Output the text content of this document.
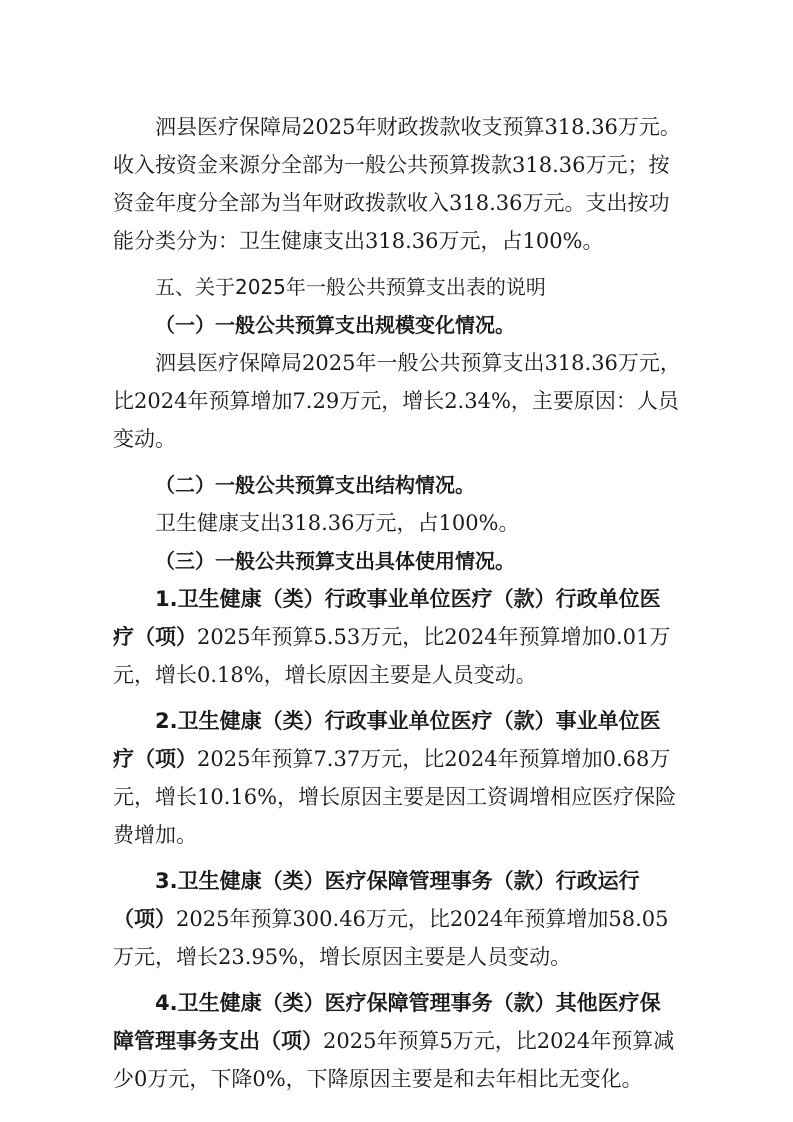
泗县医疗保障局2025年财政拨款收支预算318.36万元。收入按资金来源分全部为一般公共预算拨款318.36万元；按资金年度分全部为当年财政拨款收入318.36万元。支出按功能分类分为：卫生健康支出318.36万元，占100%。

五、关于2025年一般公共预算支出表的说明

（一）一般公共预算支出规模变化情况。

泗县医疗保障局2025年一般公共预算支出318.36万元，比2024年预算增加7.29万元，增长2.34%，主要原因：人员变动。

（二）一般公共预算支出结构情况。

卫生健康支出318.36万元，占100%。

（三）一般公共预算支出具体使用情况。

1.卫生健康（类）行政事业单位医疗（款）行政单位医疗（项）2025年预算5.53万元，比2024年预算增加0.01万元，增长0.18%，增长原因主要是人员变动。

2.卫生健康（类）行政事业单位医疗（款）事业单位医疗（项）2025年预算7.37万元，比2024年预算增加0.68万元，增长10.16%，增长原因主要是因工资调增相应医疗保险费增加。

3.卫生健康（类）医疗保障管理事务（款）行政运行（项）2025年预算300.46万元，比2024年预算增加58.05万元，增长23.95%，增长原因主要是人员变动。

4.卫生健康（类）医疗保障管理事务（款）其他医疗保障管理事务支出（项）2025年预算5万元，比2024年预算减少0万元，下降0%，下降原因主要是和去年相比无变化。
